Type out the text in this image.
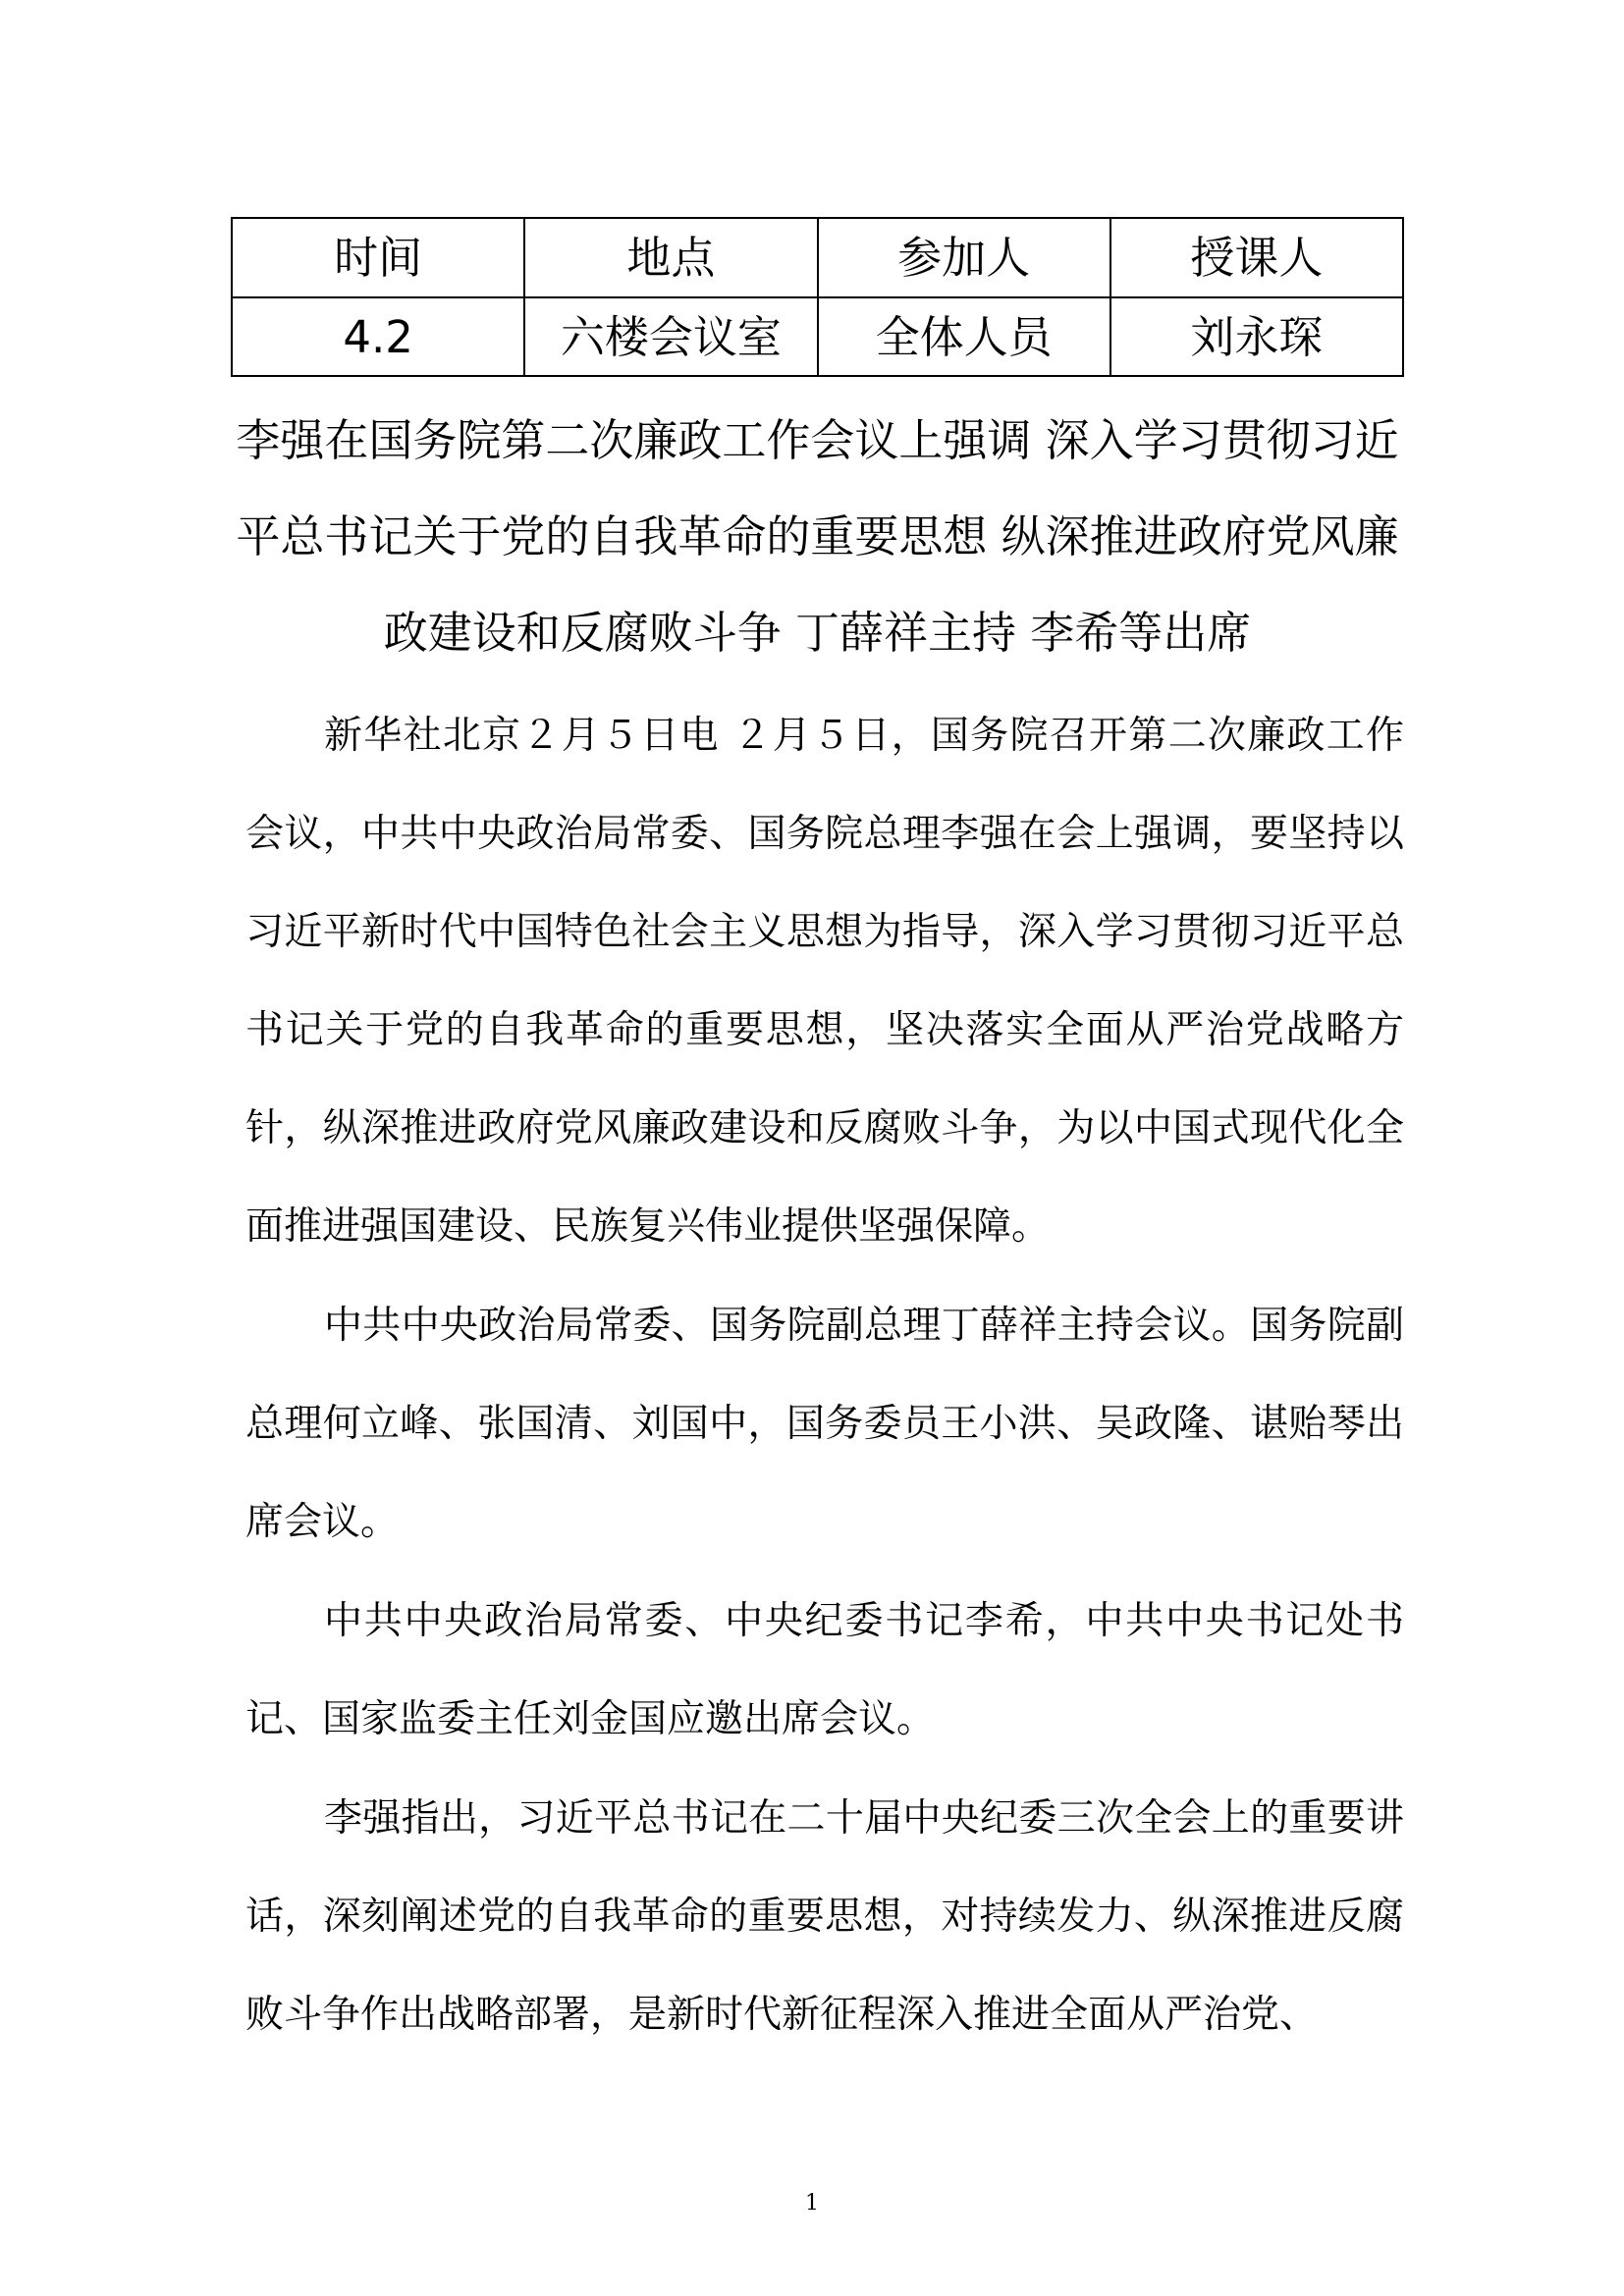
时间	地点	参加人	授课人
4.2	六楼会议室	全体人员	刘永琛
李强在国务院第二次廉政工作会议上强调 深入学习贯彻习近平总书记关于党的自我革命的重要思想 纵深推进政府党风廉政建设和反腐败斗争 丁薛祥主持 李希等出席

新华社北京２月５日电 ２月５日，国务院召开第二次廉政工作会议，中共中央政治局常委、国务院总理李强在会上强调，要坚持以习近平新时代中国特色社会主义思想为指导，深入学习贯彻习近平总书记关于党的自我革命的重要思想，坚决落实全面从严治党战略方针，纵深推进政府党风廉政建设和反腐败斗争，为以中国式现代化全面推进强国建设、民族复兴伟业提供坚强保障。

中共中央政治局常委、国务院副总理丁薛祥主持会议。国务院副总理何立峰、张国清、刘国中，国务委员王小洪、吴政隆、谌贻琴出席会议。

中共中央政治局常委、中央纪委书记李希，中共中央书记处书记、国家监委主任刘金国应邀出席会议。

李强指出，习近平总书记在二十届中央纪委三次全会上的重要讲话，深刻阐述党的自我革命的重要思想，对持续发力、纵深推进反腐败斗争作出战略部署，是新时代新征程深入推进全面从严治党、

1
